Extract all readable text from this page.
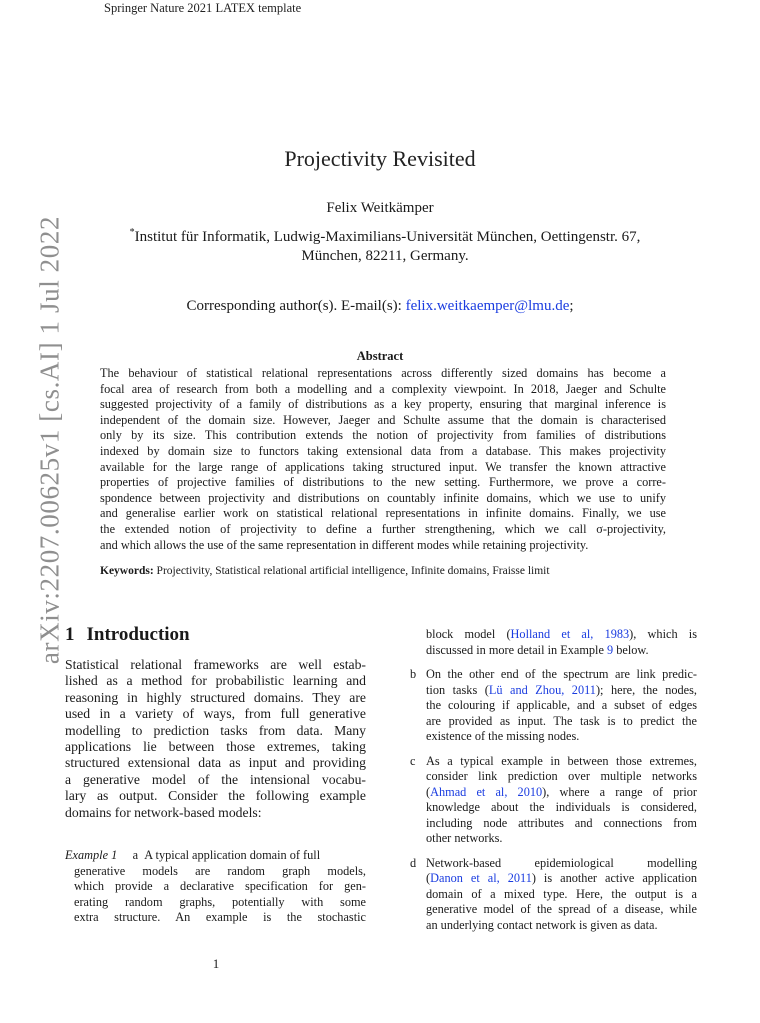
Springer Nature 2021 LATEX template
arXiv:2207.00625v1 [cs.AI] 1 Jul 2022
Projectivity Revisited
Felix Weitkämper
*Institut für Informatik, Ludwig-Maximilians-Universität München, Oettingenstr. 67,
München, 82211, Germany.
Corresponding author(s). E-mail(s): felix.weitkaemper@lmu.de;
Abstract
The behaviour of statistical relational representations across differently sized domains has become a
focal area of research from both a modelling and a complexity viewpoint. In 2018, Jaeger and Schulte
suggested projectivity of a family of distributions as a key property, ensuring that marginal inference is
independent of the domain size. However, Jaeger and Schulte assume that the domain is characterised
only by its size. This contribution extends the notion of projectivity from families of distributions
indexed by domain size to functors taking extensional data from a database. This makes projectivity
available for the large range of applications taking structured input. We transfer the known attractive
properties of projective families of distributions to the new setting. Furthermore, we prove a corre-
spondence between projectivity and distributions on countably infinite domains, which we use to unify
and generalise earlier work on statistical relational representations in infinite domains. Finally, we use
the extended notion of projectivity to define a further strengthening, which we call σ-projectivity,
and which allows the use of the same representation in different modes while retaining projectivity.
Keywords: Projectivity, Statistical relational artificial intelligence, Infinite domains, Fraisse limit
1 Introduction
Statistical relational frameworks are well estab-
lished as a method for probabilistic learning and
reasoning in highly structured domains. They are
used in a variety of ways, from full generative
modelling to prediction tasks from data. Many
applications lie between those extremes, taking
structured extensional data as input and providing
a generative model of the intensional vocabu-
lary as output. Consider the following example
domains for network-based models:
Example 1 a A typical application domain of full
generative models are random graph models,
which provide a declarative specification for gen-
erating random graphs, potentially with some
extra structure. An example is the stochastic
block model (Holland et al, 1983), which is
discussed in more detail in Example 9 below.
b On the other end of the spectrum are link predic-
tion tasks (Lü and Zhou, 2011); here, the nodes,
the colouring if applicable, and a subset of edges
are provided as input. The task is to predict the
existence of the missing nodes.
c As a typical example in between those extremes,
consider link prediction over multiple networks
(Ahmad et al, 2010), where a range of prior
knowledge about the individuals is considered,
including node attributes and connections from
other networks.
d Network-based      epidemiological      modelling
(Danon et al, 2011) is another active application
domain of a mixed type. Here, the output is a
generative model of the spread of a disease, while
an underlying contact network is given as data.
1
